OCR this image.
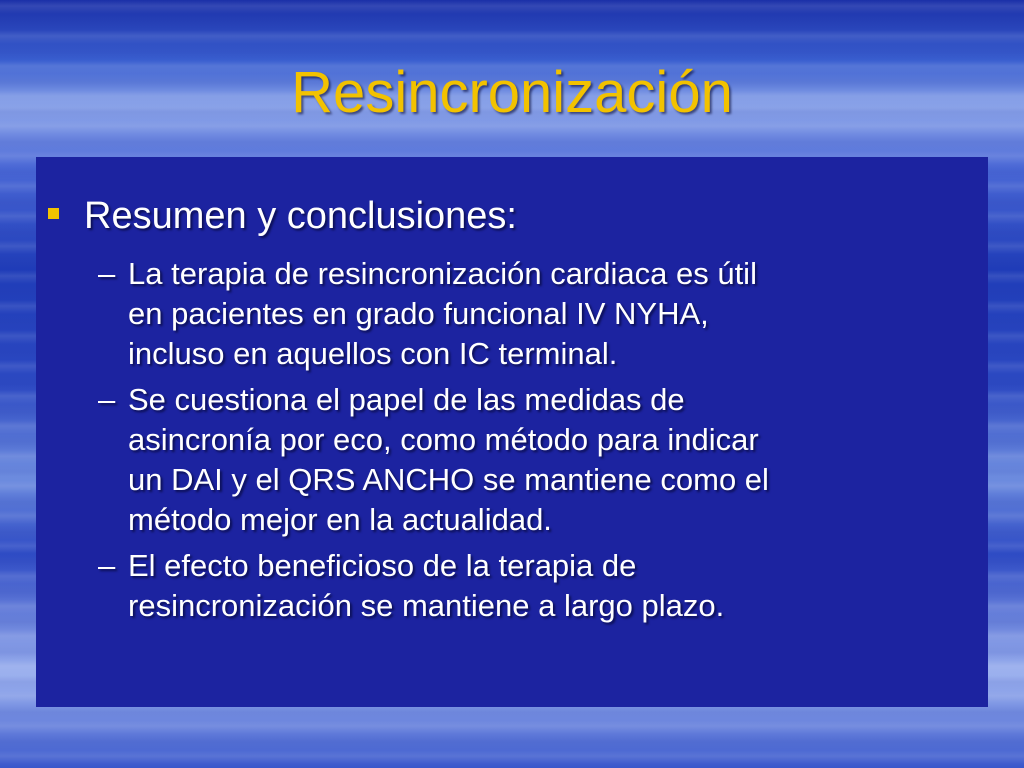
Resincronización
Resumen y conclusiones:
– La terapia de resincronización cardiaca es útil
en pacientes en grado funcional IV NYHA,
incluso en aquellos con IC terminal.
– Se cuestiona el papel de las medidas de
asincronía por eco, como método para indicar
un DAI y el QRS ANCHO se mantiene como el
método mejor en la actualidad.
– El efecto beneficioso de la terapia de
resincronización se mantiene a largo plazo.
